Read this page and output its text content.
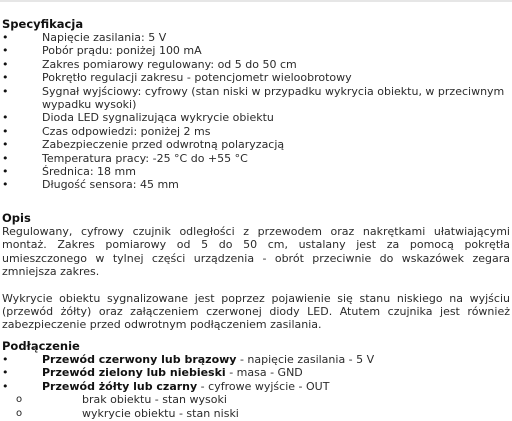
Specyfikacja
• Napięcie zasilania: 5 V
• Pobór prądu: poniżej 100 mA
• Zakres pomiarowy regulowany: od 5 do 50 cm
• Pokrętło regulacji zakresu - potencjometr wieloobrotowy
• Sygnał wyjściowy: cyfrowy (stan niski w przypadku wykrycia obiektu, w przeciwnym wypadku wysoki)
• Dioda LED sygnalizująca wykrycie obiektu
• Czas odpowiedzi: poniżej 2 ms
• Zabezpieczenie przed odwrotną polaryzacją
• Temperatura pracy: -25 °C do +55 °C
• Średnica: 18 mm
• Długość sensora: 45 mm
Opis

Regulowany, cyfrowy czujnik odległości z przewodem oraz nakrętkami ułatwiającymi montaż. Zakres pomiarowy od 5 do 50 cm, ustalany jest za pomocą pokrętła umieszczonego w tylnej części urządzenia - obrót przeciwnie do wskazówek zegara zmniejsza zakres.

Wykrycie obiektu sygnalizowane jest poprzez pojawienie się stanu niskiego na wyjściu (przewód żółty) oraz załączeniem czerwonej diody LED. Atutem czujnika jest również zabezpieczenie przed odwrotnym podłączeniem zasilania.

Podłączenie
• Przewód czerwony lub brązowy - napięcie zasilania - 5 V
• Przewód zielony lub niebieski - masa - GND
• Przewód żółty lub czarny - cyfrowe wyjście - OUT
o brak obiektu - stan wysoki
o wykrycie obiektu - stan niski
